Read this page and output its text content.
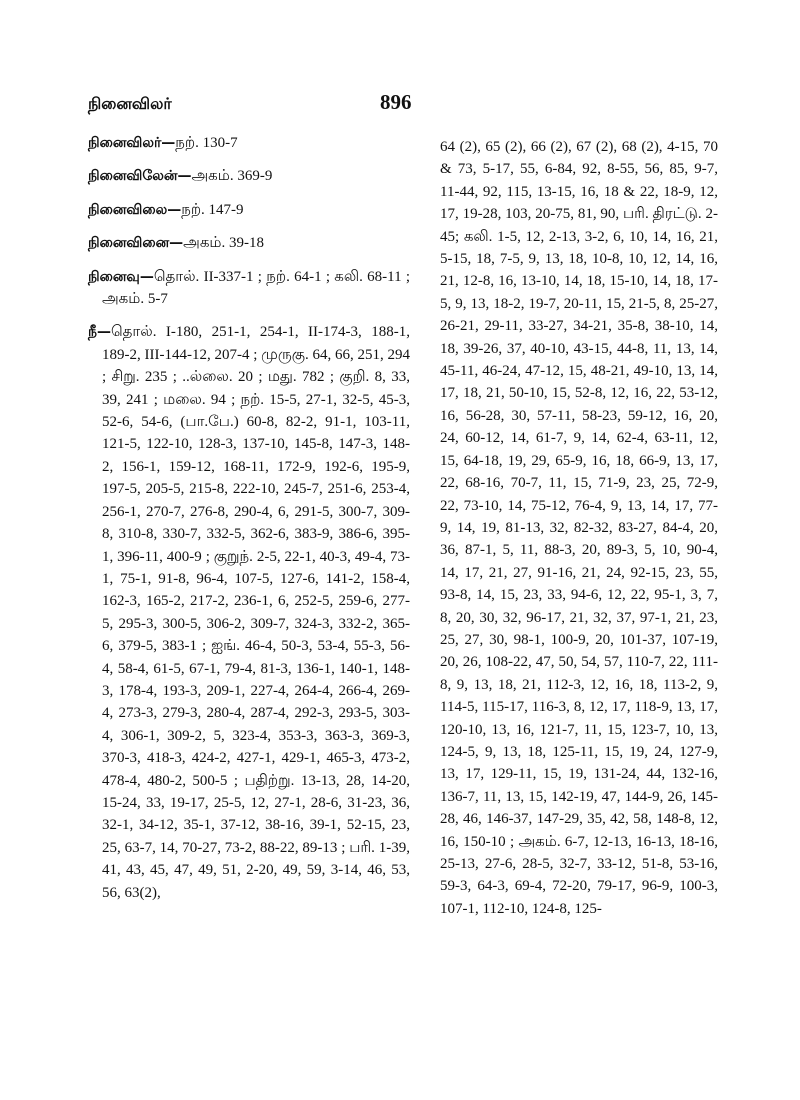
நினைவிலர்	896
நினைவிலர்—நற். 130-7
நினைவிலேன்—அகம். 369-9
நினைவிலை—நற். 147-9
நினைவினை—அகம். 39-18
நினைவு—தொல். II-337-1 ; நற். 64-1 ; கலி. 68-11 ; அகம். 5-7
நீ—தொல். I-180, 251-1, 254-1, II-174-3, 188-1, 189-2, III-144-12, 207-4 ; முருகு. 64, 66, 251, 294 ; சிறு. 235 ; ..ல்லை. 20 ; மது. 782 ; குறி. 8, 33, 39, 241 ; மலை. 94 ; நற். 15-5, 27-1, 32-5, 45-3, 52-6, 54-6, (பா.பே.) 60-8, 82-2, 91-1, 103-11, 121-5, 122-10, 128-3, 137-10, 145-8, 147-3, 148-2, 156-1, 159-12, 168-11, 172-9, 192-6, 195-9, 197-5, 205-5, 215-8, 222-10, 245-7, 251-6, 253-4, 256-1, 270-7, 276-8, 290-4, 6, 291-5, 300-7, 309-8, 310-8, 330-7, 332-5, 362-6, 383-9, 386-6, 395-1, 396-11, 400-9 ; குறுந். 2-5, 22-1, 40-3, 49-4, 73-1, 75-1, 91-8, 96-4, 107-5, 127-6, 141-2, 158-4, 162-3, 165-2, 217-2, 236-1, 6, 252-5, 259-6, 277-5, 295-3, 300-5, 306-2, 309-7, 324-3, 332-2, 365-6, 379-5, 383-1 ; ஐங். 46-4, 50-3, 53-4, 55-3, 56-4, 58-4, 61-5, 67-1, 79-4, 81-3, 136-1, 140-1, 148-3, 178-4, 193-3, 209-1, 227-4, 264-4, 266-4, 269-4, 273-3, 279-3, 280-4, 287-4, 292-3, 293-5, 303-4, 306-1, 309-2, 5, 323-4, 353-3, 363-3, 369-3, 370-3, 418-3, 424-2, 427-1, 429-1, 465-3, 473-2, 478-4, 480-2, 500-5 ; பதிற்று. 13-13, 28, 14-20, 15-24, 33, 19-17, 25-5, 12, 27-1, 28-6, 31-23, 36, 32-1, 34-12, 35-1, 37-12, 38-16, 39-1, 52-15, 23, 25, 63-7, 14, 70-27, 73-2, 88-22, 89-13 ; பரி. 1-39, 41, 43, 45, 47, 49, 51, 2-20, 49, 59, 3-14, 46, 53, 56, 63(2),
64 (2), 65 (2), 66 (2), 67 (2), 68 (2), 4-15, 70 & 73, 5-17, 55, 6-84, 92, 8-55, 56, 85, 9-7, 11-44, 92, 115, 13-15, 16, 18 & 22, 18-9, 12, 17, 19-28, 103, 20-75, 81, 90, பரி. திரட்டு. 2-45; கலி. 1-5, 12, 2-13, 3-2, 6, 10, 14, 16, 21, 5-15, 18, 7-5, 9, 13, 18, 10-8, 10, 12, 14, 16, 21, 12-8, 16, 13-10, 14, 18, 15-10, 14, 18, 17-5, 9, 13, 18-2, 19-7, 20-11, 15, 21-5, 8, 25-27, 26-21, 29-11, 33-27, 34-21, 35-8, 38-10, 14, 18, 39-26, 37, 40-10, 43-15, 44-8, 11, 13, 14, 45-11, 46-24, 47-12, 15, 48-21, 49-10, 13, 14, 17, 18, 21, 50-10, 15, 52-8, 12, 16, 22, 53-12, 16, 56-28, 30, 57-11, 58-23, 59-12, 16, 20, 24, 60-12, 14, 61-7, 9, 14, 62-4, 63-11, 12, 15, 64-18, 19, 29, 65-9, 16, 18, 66-9, 13, 17, 22, 68-16, 70-7, 11, 15, 71-9, 23, 25, 72-9, 22, 73-10, 14, 75-12, 76-4, 9, 13, 14, 17, 77-9, 14, 19, 81-13, 32, 82-32, 83-27, 84-4, 20, 36, 87-1, 5, 11, 88-3, 20, 89-3, 5, 10, 90-4, 14, 17, 21, 27, 91-16, 21, 24, 92-15, 23, 55, 93-8, 14, 15, 23, 33, 94-6, 12, 22, 95-1, 3, 7, 8, 20, 30, 32, 96-17, 21, 32, 37, 97-1, 21, 23, 25, 27, 30, 98-1, 100-9, 20, 101-37, 107-19, 20, 26, 108-22, 47, 50, 54, 57, 110-7, 22, 111-8, 9, 13, 18, 21, 112-3, 12, 16, 18, 113-2, 9, 114-5, 115-17, 116-3, 8, 12, 17, 118-9, 13, 17, 120-10, 13, 16, 121-7, 11, 15, 123-7, 10, 13, 124-5, 9, 13, 18, 125-11, 15, 19, 24, 127-9, 13, 17, 129-11, 15, 19, 131-24, 44, 132-16, 136-7, 11, 13, 15, 142-19, 47, 144-9, 26, 145-28, 46, 146-37, 147-29, 35, 42, 58, 148-8, 12, 16, 150-10 ; அகம். 6-7, 12-13, 16-13, 18-16, 25-13, 27-6, 28-5, 32-7, 33-12, 51-8, 53-16, 59-3, 64-3, 69-4, 72-20, 79-17, 96-9, 100-3, 107-1, 112-10, 124-8, 125-
